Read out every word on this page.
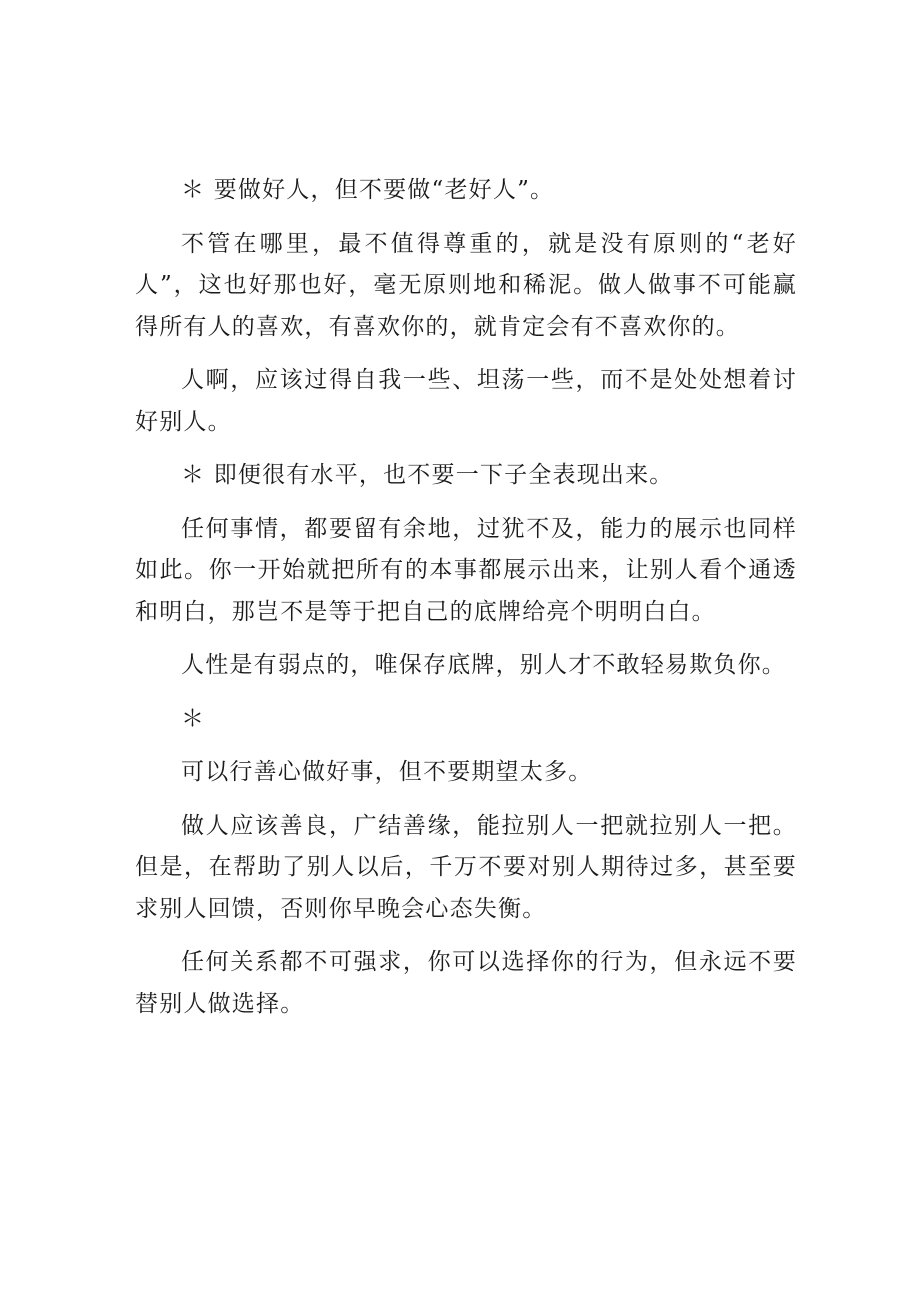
＊ 要做好人，但不要做“老好人”。

不管在哪里，最不值得尊重的，就是没有原则的“老好人”，这也好那也好，毫无原则地和稀泥。做人做事不可能赢得所有人的喜欢，有喜欢你的，就肯定会有不喜欢你的。

人啊，应该过得自我一些、坦荡一些，而不是处处想着讨好别人。

＊ 即便很有水平，也不要一下子全表现出来。

任何事情，都要留有余地，过犹不及，能力的展示也同样如此。你一开始就把所有的本事都展示出来，让别人看个通透和明白，那岂不是等于把自己的底牌给亮个明明白白。

人性是有弱点的，唯保存底牌，别人才不敢轻易欺负你。

＊

可以行善心做好事，但不要期望太多。

做人应该善良，广结善缘，能拉别人一把就拉别人一把。但是，在帮助了别人以后，千万不要对别人期待过多，甚至要求别人回馈，否则你早晚会心态失衡。

任何关系都不可强求，你可以选择你的行为，但永远不要替别人做选择。
